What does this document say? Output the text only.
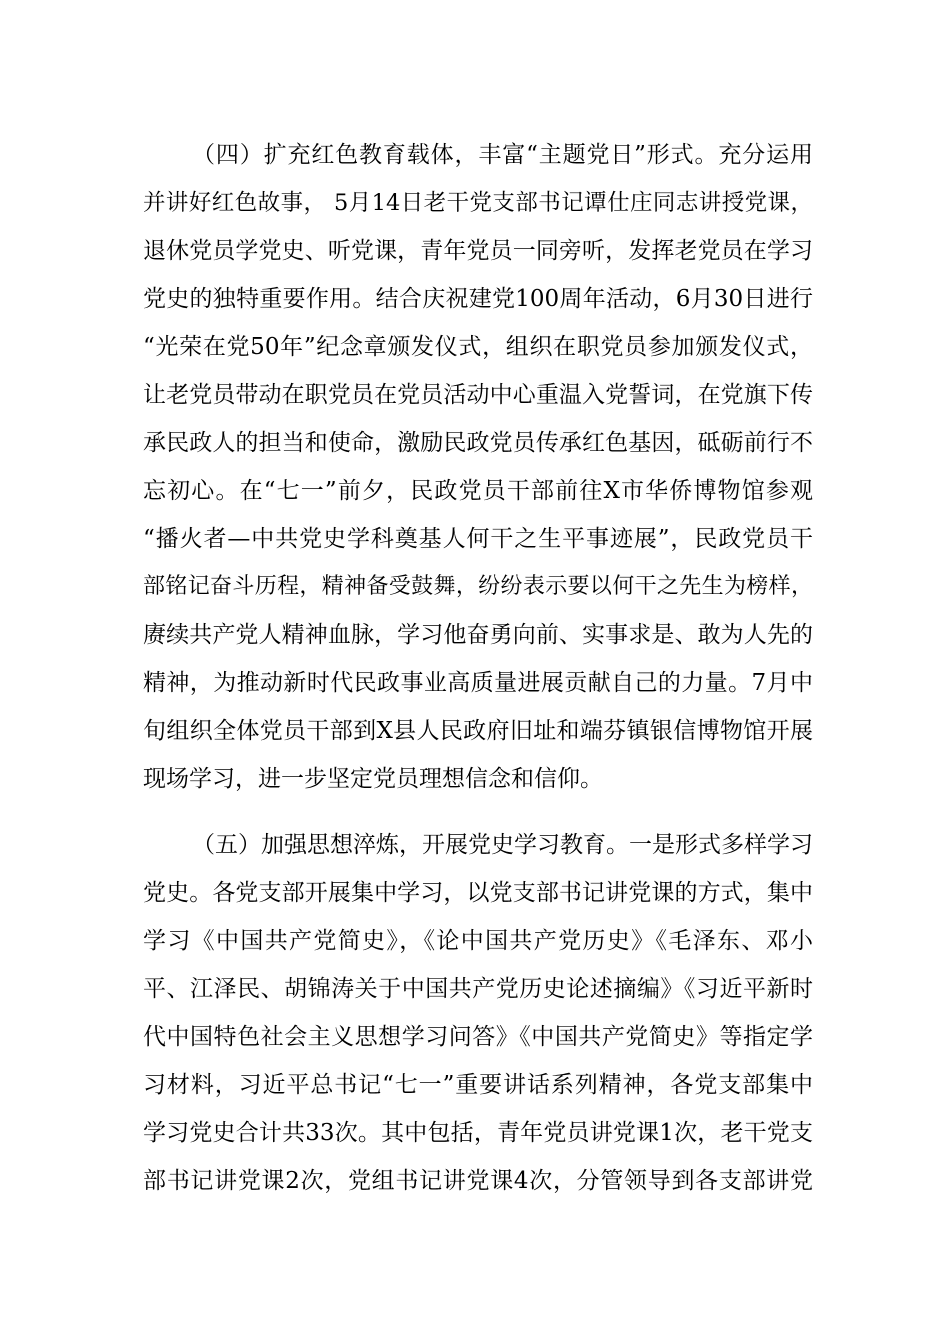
（四）扩充红色教育载体，丰富“主题党日”形式。充分运用
并讲好红色故事， 5月14日老干党支部书记谭仕庄同志讲授党课，
退休党员学党史、听党课，青年党员一同旁听，发挥老党员在学习
党史的独特重要作用。结合庆祝建党100周年活动，6月30日进行
“光荣在党50年”纪念章颁发仪式，组织在职党员参加颁发仪式，
让老党员带动在职党员在党员活动中心重温入党誓词，在党旗下传
承民政人的担当和使命，激励民政党员传承红色基因，砥砺前行不
忘初心。在“七一”前夕，民政党员干部前往X市华侨博物馆参观
“播火者—中共党史学科奠基人何干之生平事迹展”，民政党员干
部铭记奋斗历程，精神备受鼓舞，纷纷表示要以何干之先生为榜样，
赓续共产党人精神血脉，学习他奋勇向前、实事求是、敢为人先的
精神，为推动新时代民政事业高质量进展贡献自己的力量。7月中
旬组织全体党员干部到X县人民政府旧址和端芬镇银信博物馆开展
现场学习，进一步坚定党员理想信念和信仰。
（五）加强思想淬炼，开展党史学习教育。一是形式多样学习
党史。各党支部开展集中学习，以党支部书记讲党课的方式，集中
学习《中国共产党简史》，《论中国共产党历史》《毛泽东、邓小
平、江泽民、胡锦涛关于中国共产党历史论述摘编》《习近平新时
代中国特色社会主义思想学习问答》《中国共产党简史》等指定学
习材料，习近平总书记“七一”重要讲话系列精神，各党支部集中
学习党史合计共33次。其中包括，青年党员讲党课1次，老干党支
部书记讲党课2次，党组书记讲党课4次，分管领导到各支部讲党
